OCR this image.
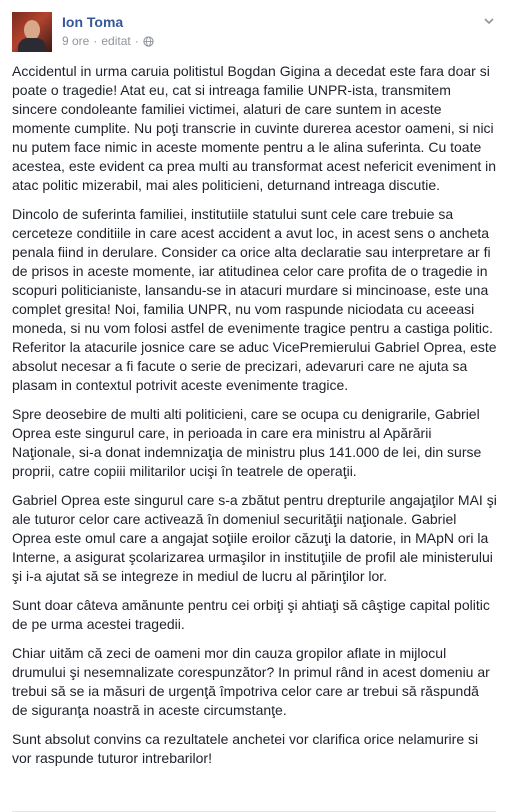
Ion Toma
9 ore · editat ·

Accidentul in urma caruia politistul Bogdan Gigina a decedat este fara doar si poate o tragedie! Atat eu, cat si intreaga familie UNPR-ista, transmitem sincere condoleante familiei victimei, alaturi de care suntem in aceste momente cumplite. Nu poţi transcrie in cuvinte durerea acestor oameni, si nici nu putem face nimic in aceste momente pentru a le alina suferinta. Cu toate acestea, este evident ca prea multi au transformat acest nefericit eveniment in atac politic mizerabil, mai ales politicieni, deturnand intreaga discutie.

Dincolo de suferinta familiei, institutiile statului sunt cele care trebuie sa cerceteze conditiile in care acest accident a avut loc, in acest sens o ancheta penala fiind in derulare. Consider ca orice alta declaratie sau interpretare ar fi de prisos in aceste momente, iar atitudinea celor care profita de o tragedie in scopuri politicianiste, lansandu-se in atacuri murdare si mincinoase, este una complet gresita! Noi, familia UNPR, nu vom raspunde niciodata cu aceeasi moneda, si nu vom folosi astfel de evenimente tragice pentru a castiga politic.

Referitor la atacurile josnice care se aduc VicePremierului Gabriel Oprea, este absolut necesar a fi facute o serie de precizari, adevaruri care ne ajuta sa plasam in contextul potrivit aceste evenimente tragice.

Spre deosebire de multi alti politicieni, care se ocupa cu denigrarile, Gabriel Oprea este singurul care, in perioada in care era ministru al Apărării Naţionale, si-a donat indemnizaţia de ministru plus 141.000 de lei, din surse proprii, catre copiii militarilor ucişi în teatrele de operaţii.

Gabriel Oprea este singurul care s-a zbătut pentru drepturile angajaţilor MAI şi ale tuturor celor care activează în domeniul securităţii naţionale. Gabriel Oprea este omul care a angajat soţiile eroilor căzuţi la datorie, in MApN ori la Interne, a asigurat şcolarizarea urmaşilor in instituţiile de profil ale ministerului şi i-a ajutat să se integreze in mediul de lucru al părinţilor lor.

Sunt doar câteva amănunte pentru cei orbiţi şi ahtiaţi să câştige capital politic de pe urma acestei tragedii.

Chiar uităm că zeci de oameni mor din cauza gropilor aflate in mijlocul drumului şi nesemnalizate corespunzător? In primul rând in acest domeniu ar trebui să se ia măsuri de urgenţă împotriva celor care ar trebui să răspundă de siguranţa noastră in aceste circumstanţe.

Sunt absolut convins ca rezultatele anchetei vor clarifica orice nelamurire si vor raspunde tuturor intrebarilor!
